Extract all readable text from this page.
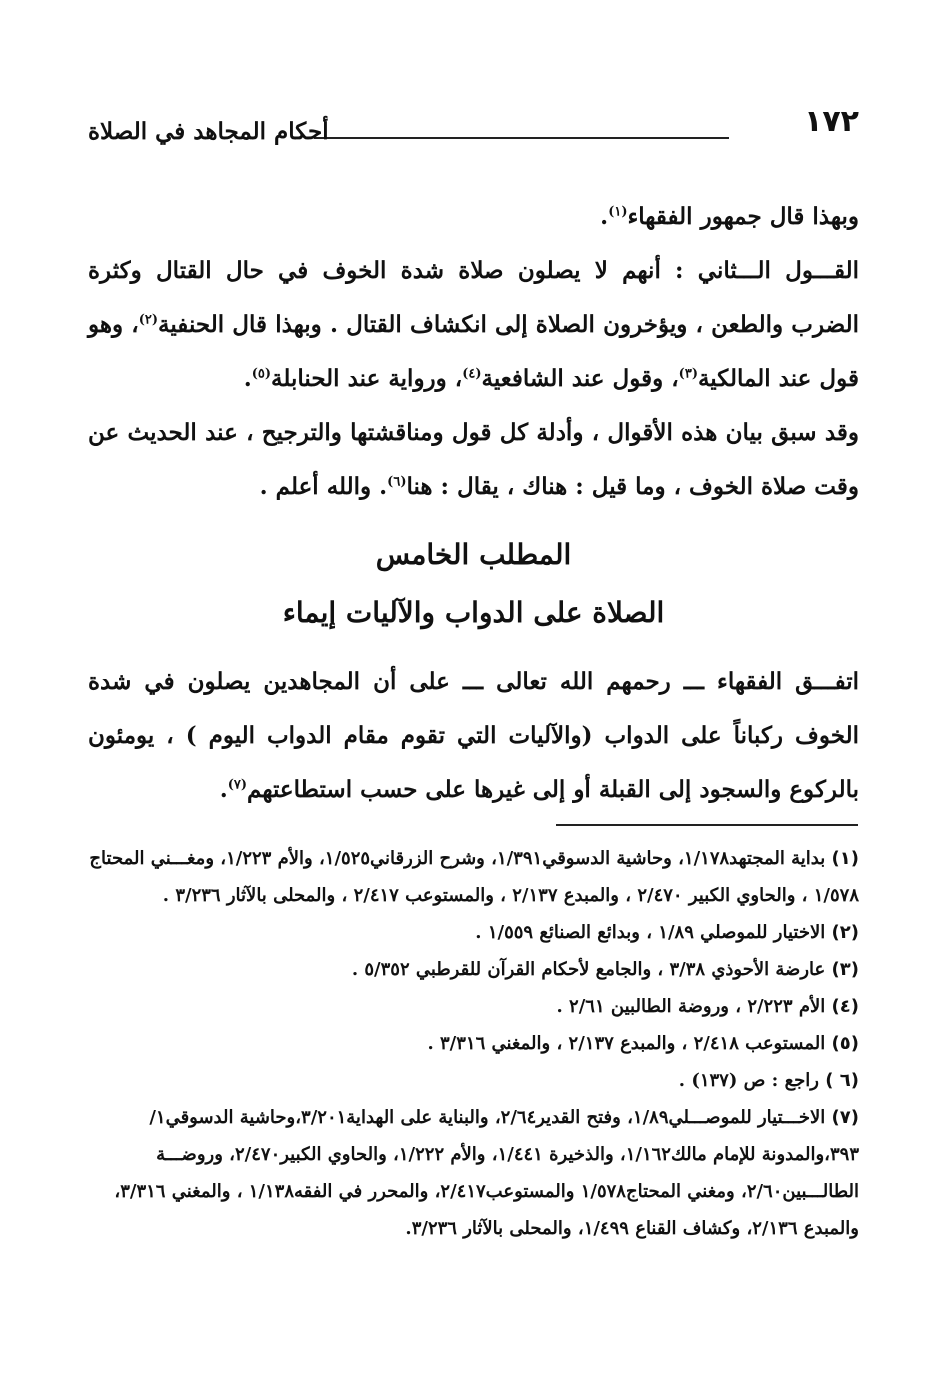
١٧٢
أحكام المجاهد في الصلاة

وبهذا قال جمهور الفقهاء$^{(١)}$.

القـــول الـــثاني : أنهم لا يصلون صلاة شدة الخوف في حال القتال وكثرة الضرب والطعن ، ويؤخرون الصلاة إلى انكشاف القتال . وبهذا قال الحنفية$^{(٢)}$، وهو قول عند المالكية$^{(٣)}$، وقول عند الشافعية$^{(٤)}$، ورواية عند الحنابلة$^{(٥)}$.

وقد سبق بيان هذه الأقوال ، وأدلة كل قول ومناقشتها والترجيح ، عند الحديث عن وقت صلاة الخوف ، وما قيل : هناك ، يقال : هنا$^{(٦)}$. والله أعلم .

المطلب الخامس
الصلاة على الدواب والآليات إيماء

اتفـــق الفقهاء ـــ رحمهم الله تعالى ـــ على أن المجاهدين يصلون في شدة الخوف ركباناً على الدواب (والآليات التي تقوم مقام الدواب اليوم ) ، يومئون بالركوع والسجود إلى القبلة أو إلى غيرها على حسب استطاعتهم$^{(٧)}$.

(١) بداية المجتهد١/١٧٨، وحاشية الدسوقي١/٣٩١، وشرح الزرقاني١/٥٢٥، والأم ١/٢٢٣، ومغـــني المحتاج ١/٥٧٨ ، والحاوي الكبير ٢/٤٧٠ ، والمبدع ٢/١٣٧ ، والمستوعب ٢/٤١٧ ، والمحلى بالآثار ٣/٢٣٦ .

(٢) الاختيار للموصلي ١/٨٩ ، وبدائع الصنائع ١/٥٥٩ .

(٣) عارضة الأحوذي ٣/٣٨ ، والجامع لأحكام القرآن للقرطبي ٥/٣٥٢ .

(٤) الأم ٢/٢٢٣ ، وروضة الطالبين ٢/٦١ .

(٥) المستوعب ٢/٤١٨ ، والمبدع ٢/١٣٧ ، والمغني ٣/٣١٦ .

(٦ ) راجع : ص (١٣٧) .

(٧) الاخـــتيار للموصـــلي١/٨٩، وفتح القدير٢/٦٤، والبناية على الهداية٣/٢٠١،وحاشية الدسوقي١/ ٣٩٣،والمدونة للإمام مالك١/١٦٢، والذخيرة ١/٤٤١، والأم ١/٢٢٢، والحاوي الكبير٢/٤٧٠، وروضـــة الطالـــبين٢/٦٠، ومغني المحتاج١/٥٧٨ والمستوعب٢/٤١٧، والمحرر في الفقه١/١٣٨ ، والمغني ٣/٣١٦، والمبدع ٢/١٣٦، وكشاف القناع ١/٤٩٩، والمحلى بالآثار ٣/٢٣٦.
